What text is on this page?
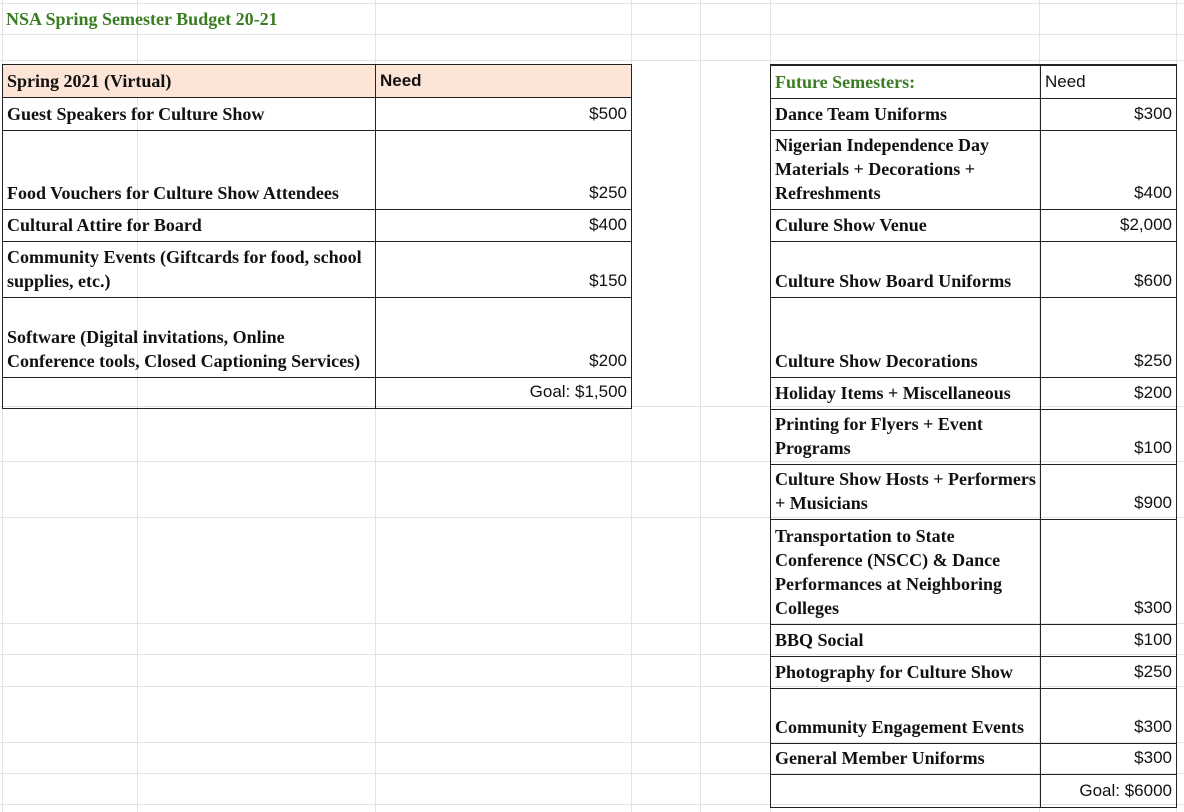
NSA Spring Semester Budget 20-21
Spring 2021 (Virtual)	Need
Guest Speakers for Culture Show	$500
Food Vouchers for Culture Show Attendees	$250
Cultural Attire for Board	$400
Community Events (Giftcards for food, school supplies, etc.)	$150
Software (Digital invitations, Online Conference tools, Closed Captioning Services)	$200
Goal: $1,500
Future Semesters:	Need
Dance Team Uniforms	$300
Nigerian Independence Day Materials + Decorations + Refreshments	$400
Culure Show Venue	$2,000
Culture Show Board Uniforms	$600
Culture Show Decorations	$250
Holiday Items + Miscellaneous	$200
Printing for Flyers + Event Programs	$100
Culture Show Hosts + Performers + Musicians	$900
Transportation to State Conference (NSCC) & Dance Performances at Neighboring Colleges	$300
BBQ Social	$100
Photography for Culture Show	$250
Community Engagement Events	$300
General Member Uniforms	$300
Goal: $6000
